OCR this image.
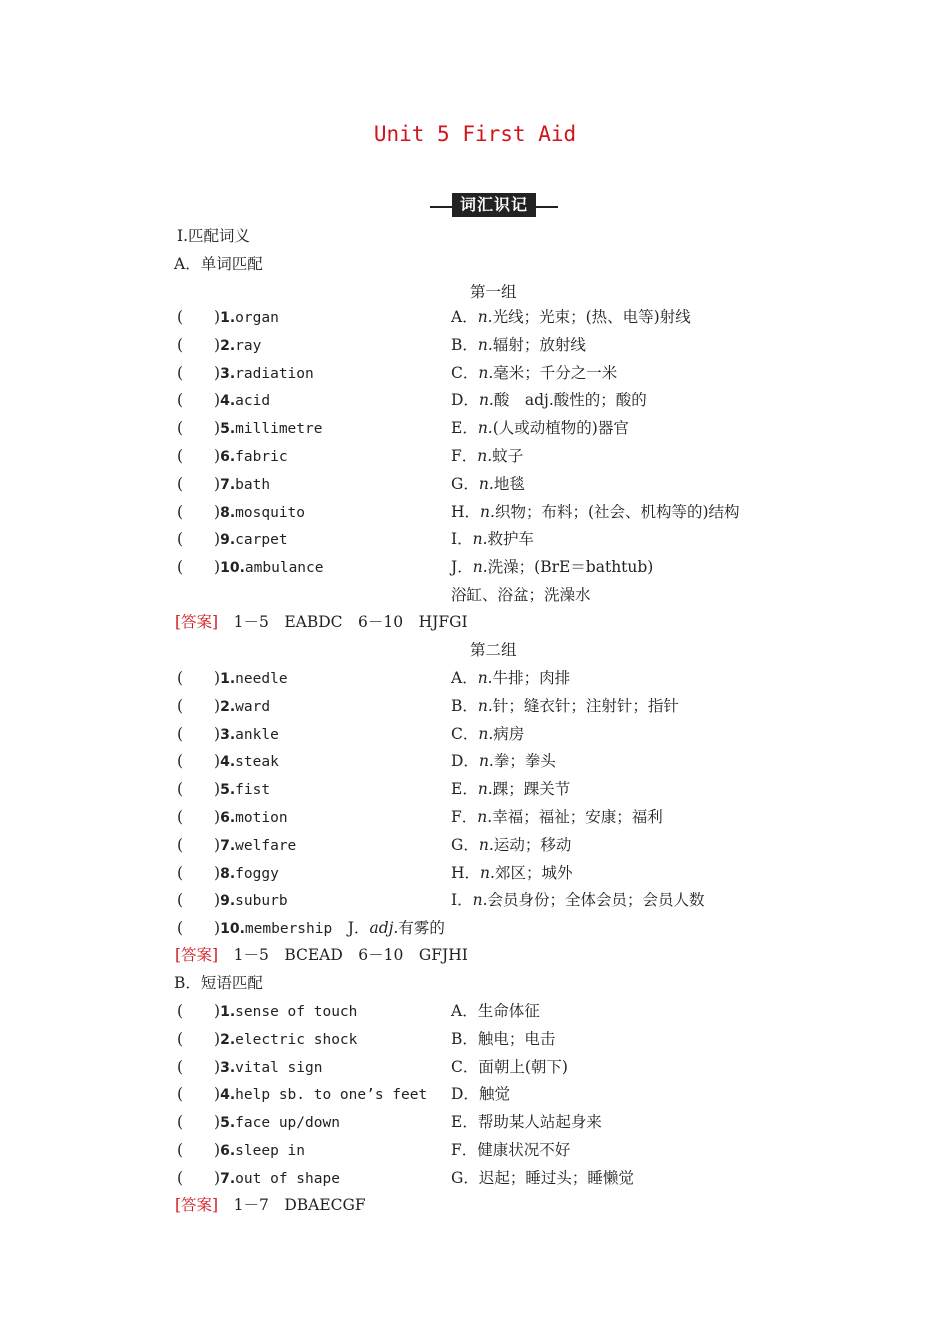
Unit 5 First Aid
词汇识记
Ⅰ.匹配词义
A．单词匹配
第一组
(　　)1.organ
(　　)2.ray
(　　)3.radiation
(　　)4.acid
(　　)5.millimetre
(　　)6.fabric
(　　)7.bath
(　　)8.mosquito
(　　)9.carpet
(　　)10.ambulance
A．n.光线；光束；(热、电等)射线
B．n.辐射；放射线
C．n.毫米；千分之一米
D．n.酸　adj.酸性的；酸的
E．n.(人或动植物的)器官
F．n.蚊子
G．n.地毯
H．n.织物；布料；(社会、机构等的)结构
I．n.救护车
J．n.洗澡；(BrE＝bathtub)
浴缸、浴盆；洗澡水
[答案]　1－5　EABDC　6－10　HJFGI
第二组
(　　)1.needle
(　　)2.ward
(　　)3.ankle
(　　)4.steak
(　　)5.fist
(　　)6.motion
(　　)7.welfare
(　　)8.foggy
(　　)9.suburb
A．n.牛排；肉排
B．n.针；缝衣针；注射针；指针
C．n.病房
D．n.拳；拳头
E．n.踝；踝关节
F．n.幸福；福祉；安康；福利
G．n.运动；移动
H．n.郊区；城外
I．n.会员身份；全体会员；会员人数
(　　)10.membership　J．adj.有雾的
[答案]　1－5　BCEAD　6－10　GFJHI
B．短语匹配
(　　)1.sense of touch
(　　)2.electric shock
(　　)3.vital sign
(　　)4.help sb. to one’s feet
(　　)5.face up/down
(　　)6.sleep in
(　　)7.out of shape
A．生命体征
B．触电；电击
C．面朝上(朝下)
D．触觉
E．帮助某人站起身来
F．健康状况不好
G．迟起；睡过头；睡懒觉
[答案]　1－7　DBAECGF
